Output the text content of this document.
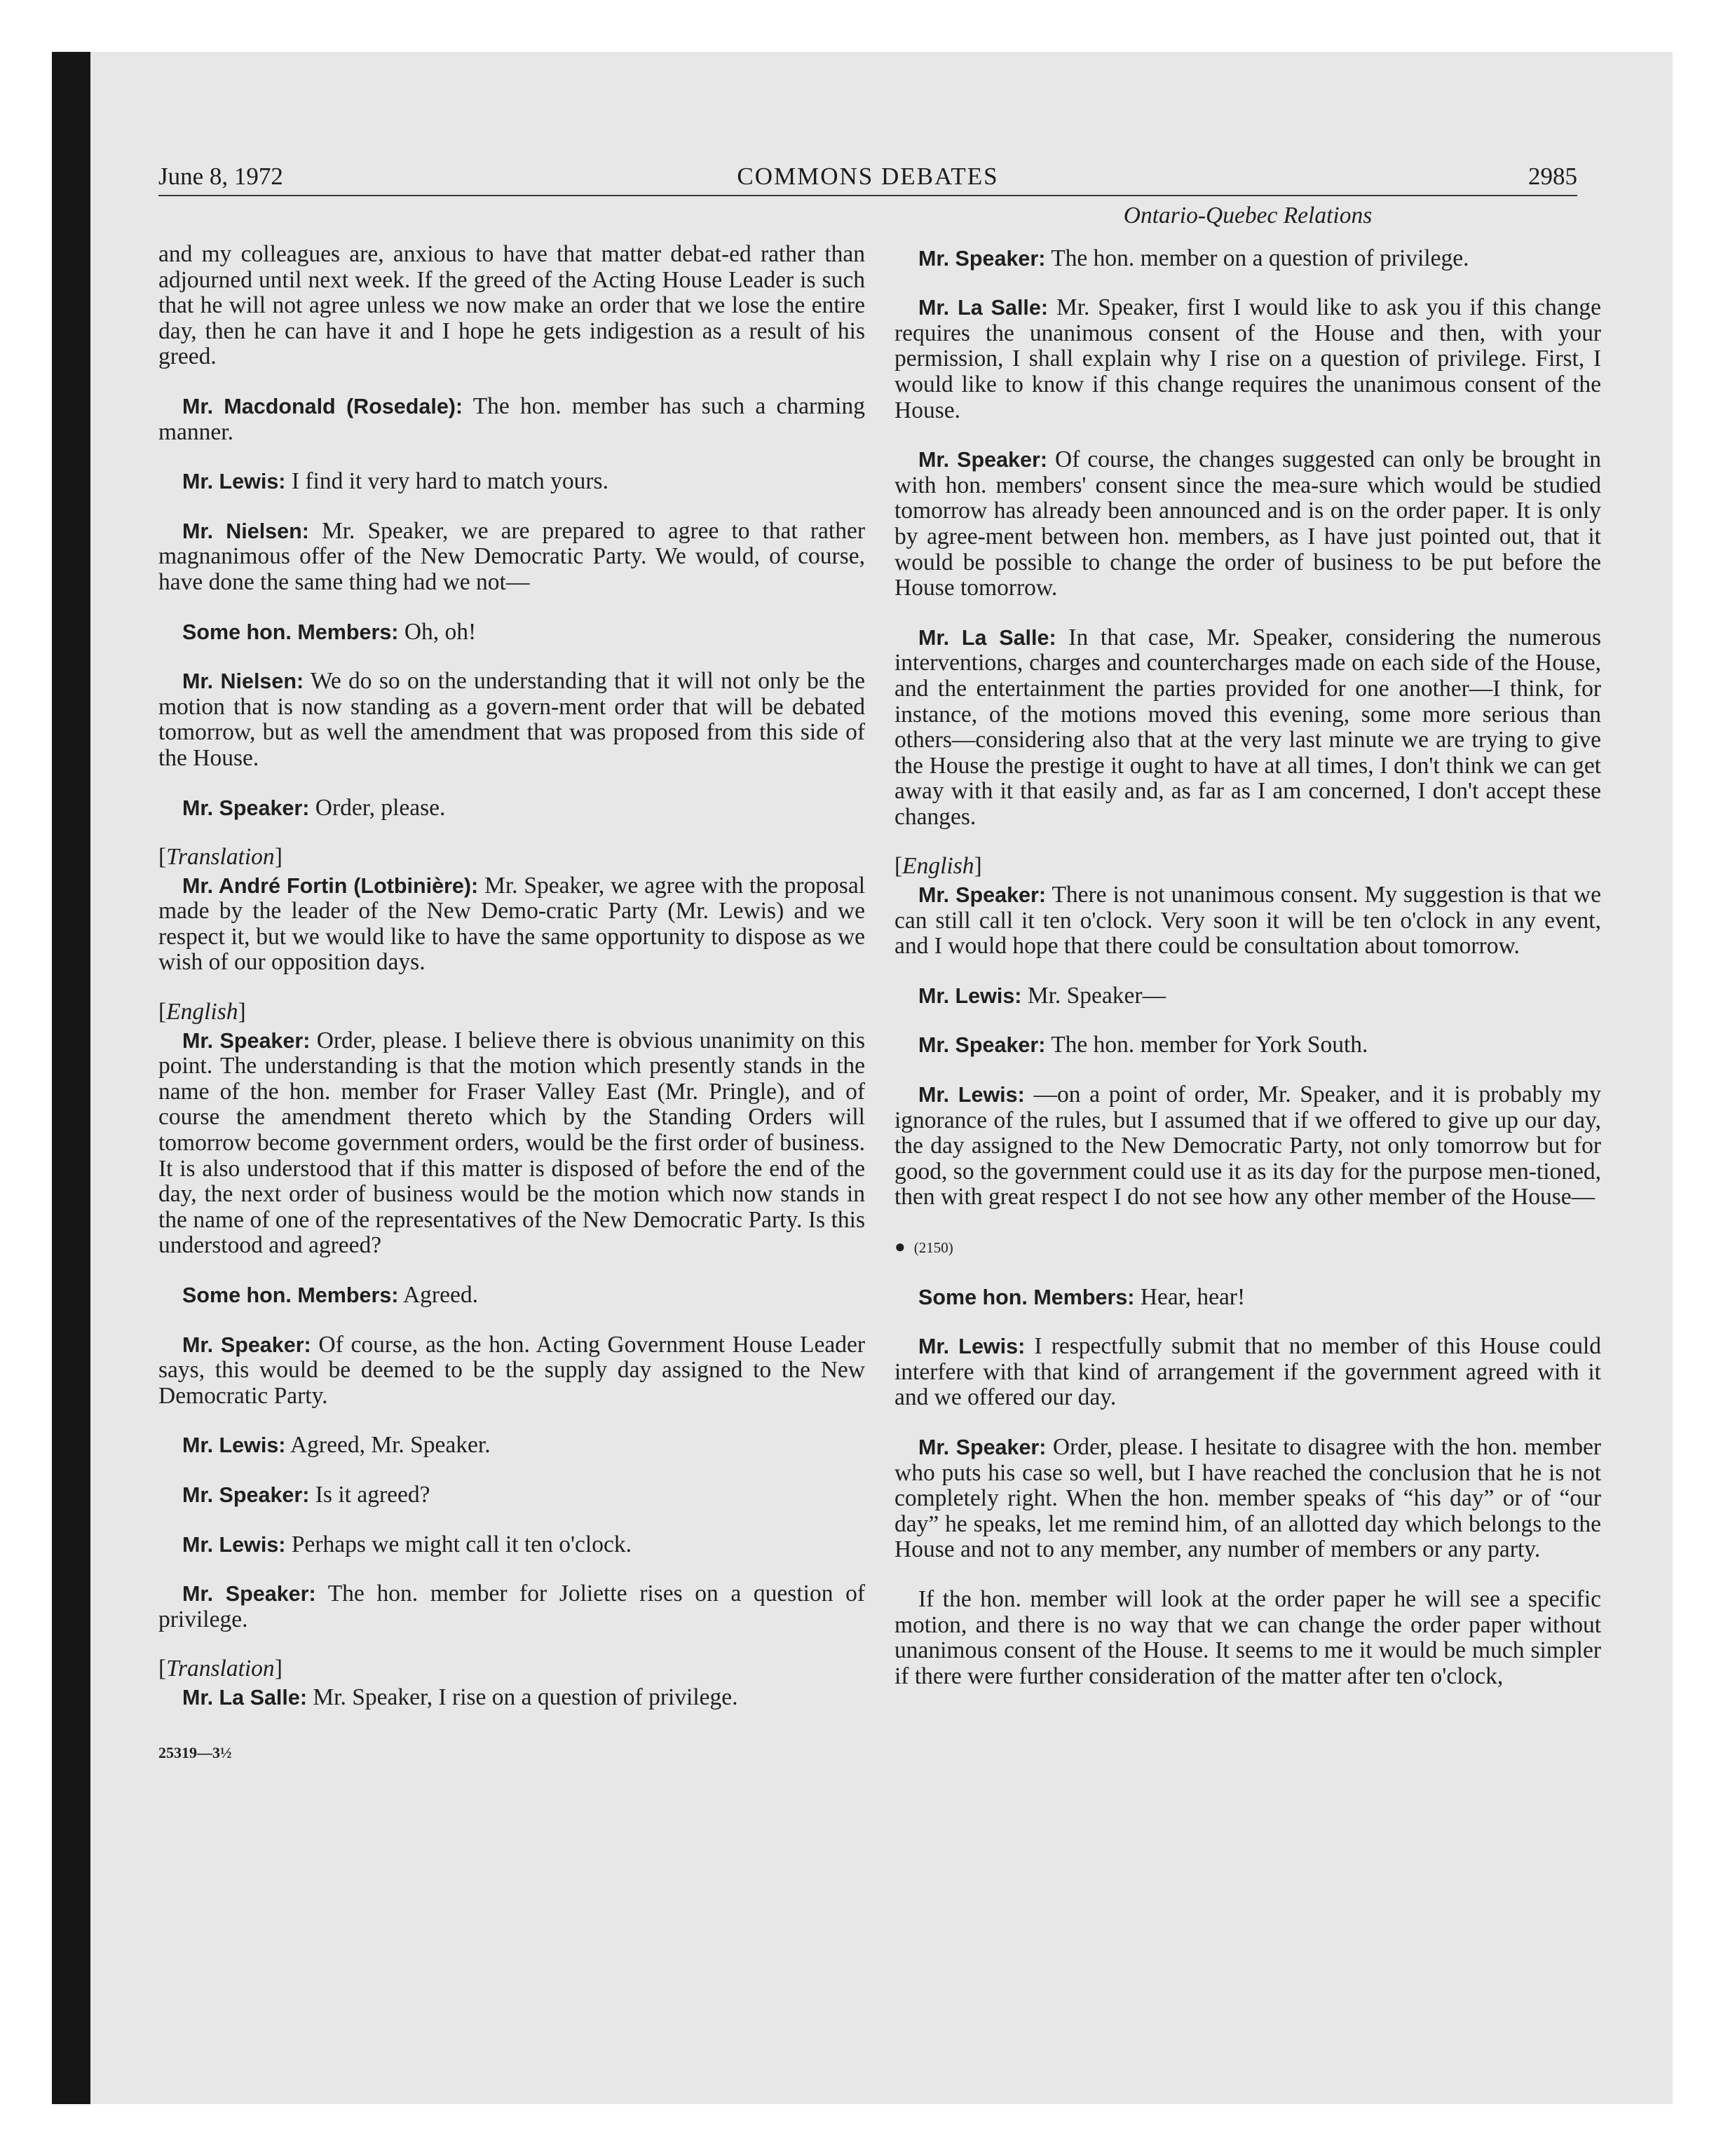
June 8, 1972	COMMONS DEBATES	2985

and my colleagues are, anxious to have that matter debat-ed rather than adjourned until next week. If the greed of the Acting House Leader is such that he will not agree unless we now make an order that we lose the entire day, then he can have it and I hope he gets indigestion as a result of his greed.

Mr. Macdonald (Rosedale): The hon. member has such a charming manner.

Mr. Lewis: I find it very hard to match yours.

Mr. Nielsen: Mr. Speaker, we are prepared to agree to that rather magnanimous offer of the New Democratic Party. We would, of course, have done the same thing had we not—

Some hon. Members: Oh, oh!

Mr. Nielsen: We do so on the understanding that it will not only be the motion that is now standing as a govern-ment order that will be debated tomorrow, but as well the amendment that was proposed from this side of the House.

Mr. Speaker: Order, please.

[Translation]

Mr. André Fortin (Lotbinière): Mr. Speaker, we agree with the proposal made by the leader of the New Demo-cratic Party (Mr. Lewis) and we respect it, but we would like to have the same opportunity to dispose as we wish of our opposition days.

[English]

Mr. Speaker: Order, please. I believe there is obvious unanimity on this point. The understanding is that the motion which presently stands in the name of the hon. member for Fraser Valley East (Mr. Pringle), and of course the amendment thereto which by the Standing Orders will tomorrow become government orders, would be the first order of business. It is also understood that if this matter is disposed of before the end of the day, the next order of business would be the motion which now stands in the name of one of the representatives of the New Democratic Party. Is this understood and agreed?

Some hon. Members: Agreed.

Mr. Speaker: Of course, as the hon. Acting Government House Leader says, this would be deemed to be the supply day assigned to the New Democratic Party.

Mr. Lewis: Agreed, Mr. Speaker.

Mr. Speaker: Is it agreed?

Mr. Lewis: Perhaps we might call it ten o'clock.

Mr. Speaker: The hon. member for Joliette rises on a question of privilege.

[Translation]

Mr. La Salle: Mr. Speaker, I rise on a question of privilege.

25319—3½
Ontario-Quebec Relations

Mr. Speaker: The hon. member on a question of privilege.

Mr. La Salle: Mr. Speaker, first I would like to ask you if this change requires the unanimous consent of the House and then, with your permission, I shall explain why I rise on a question of privilege. First, I would like to know if this change requires the unanimous consent of the House.

Mr. Speaker: Of course, the changes suggested can only be brought in with hon. members' consent since the mea-sure which would be studied tomorrow has already been announced and is on the order paper. It is only by agree-ment between hon. members, as I have just pointed out, that it would be possible to change the order of business to be put before the House tomorrow.

Mr. La Salle: In that case, Mr. Speaker, considering the numerous interventions, charges and countercharges made on each side of the House, and the entertainment the parties provided for one another—I think, for instance, of the motions moved this evening, some more serious than others—considering also that at the very last minute we are trying to give the House the prestige it ought to have at all times, I don't think we can get away with it that easily and, as far as I am concerned, I don't accept these changes.

[English]

Mr. Speaker: There is not unanimous consent. My suggestion is that we can still call it ten o'clock. Very soon it will be ten o'clock in any event, and I would hope that there could be consultation about tomorrow.

Mr. Lewis: Mr. Speaker—

Mr. Speaker: The hon. member for York South.

Mr. Lewis: —on a point of order, Mr. Speaker, and it is probably my ignorance of the rules, but I assumed that if we offered to give up our day, the day assigned to the New Democratic Party, not only tomorrow but for good, so the government could use it as its day for the purpose men-tioned, then with great respect I do not see how any other member of the House—

● (2150)

Some hon. Members: Hear, hear!

Mr. Lewis: I respectfully submit that no member of this House could interfere with that kind of arrangement if the government agreed with it and we offered our day.

Mr. Speaker: Order, please. I hesitate to disagree with the hon. member who puts his case so well, but I have reached the conclusion that he is not completely right. When the hon. member speaks of “his day” or of “our day” he speaks, let me remind him, of an allotted day which belongs to the House and not to any member, any number of members or any party.

If the hon. member will look at the order paper he will see a specific motion, and there is no way that we can change the order paper without unanimous consent of the House. It seems to me it would be much simpler if there were further consideration of the matter after ten o'clock,
